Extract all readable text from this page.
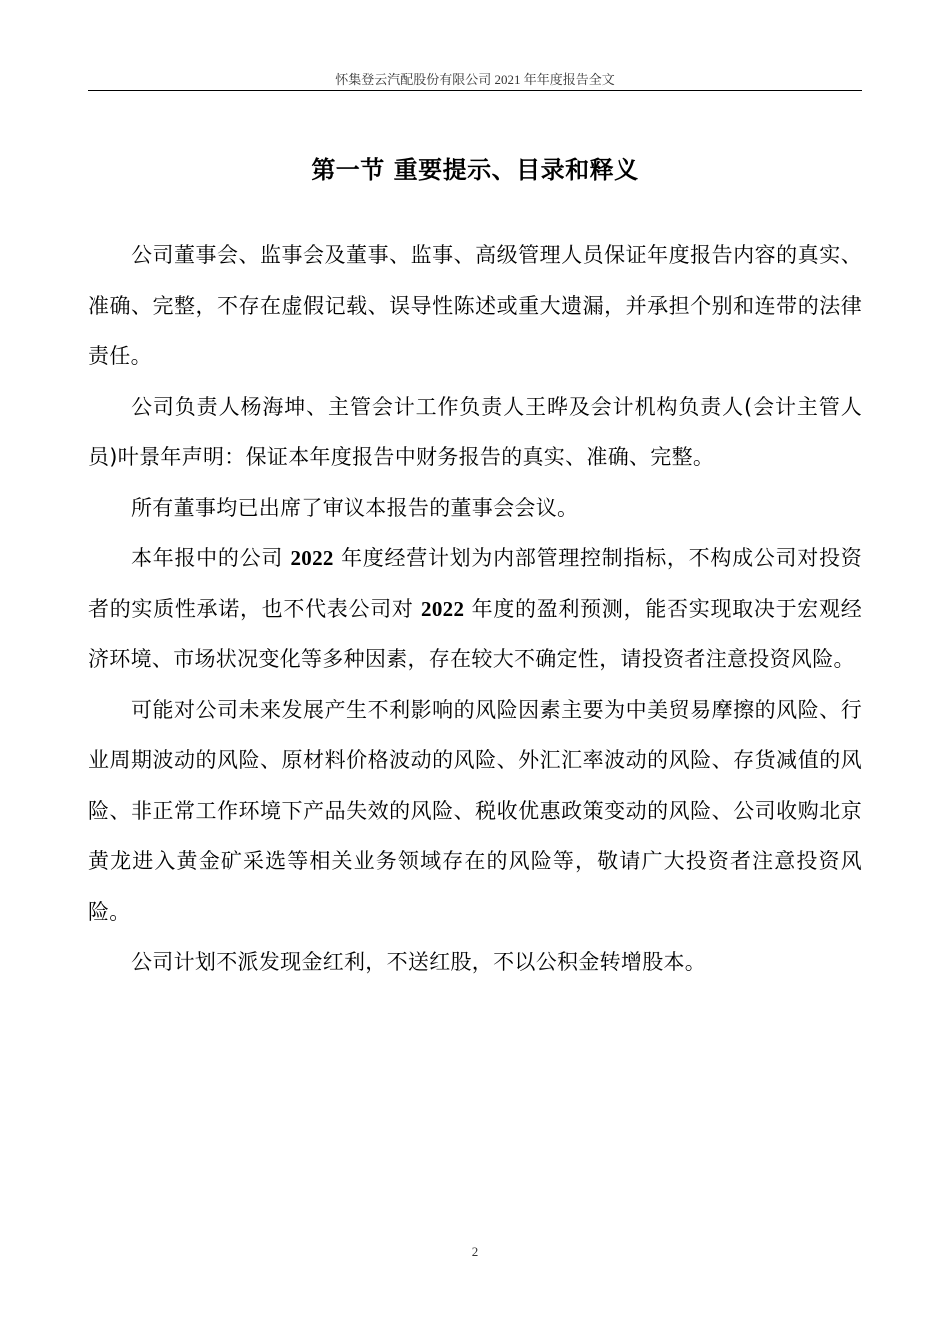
怀集登云汽配股份有限公司 2021 年年度报告全文
第一节 重要提示、目录和释义

公司董事会、监事会及董事、监事、高级管理人员保证年度报告内容的真实、准确、完整，不存在虚假记载、误导性陈述或重大遗漏，并承担个别和连带的法律责任。

公司负责人杨海坤、主管会计工作负责人王晔及会计机构负责人(会计主管人员)叶景年声明：保证本年度报告中财务报告的真实、准确、完整。

所有董事均已出席了审议本报告的董事会会议。

本年报中的公司 2022 年度经营计划为内部管理控制指标，不构成公司对投资者的实质性承诺，也不代表公司对 2022 年度的盈利预测，能否实现取决于宏观经济环境、市场状况变化等多种因素，存在较大不确定性，请投资者注意投资风险。

可能对公司未来发展产生不利影响的风险因素主要为中美贸易摩擦的风险、行业周期波动的风险、原材料价格波动的风险、外汇汇率波动的风险、存货减值的风险、非正常工作环境下产品失效的风险、税收优惠政策变动的风险、公司收购北京黄龙进入黄金矿采选等相关业务领域存在的风险等，敬请广大投资者注意投资风险。

公司计划不派发现金红利，不送红股，不以公积金转增股本。

2
